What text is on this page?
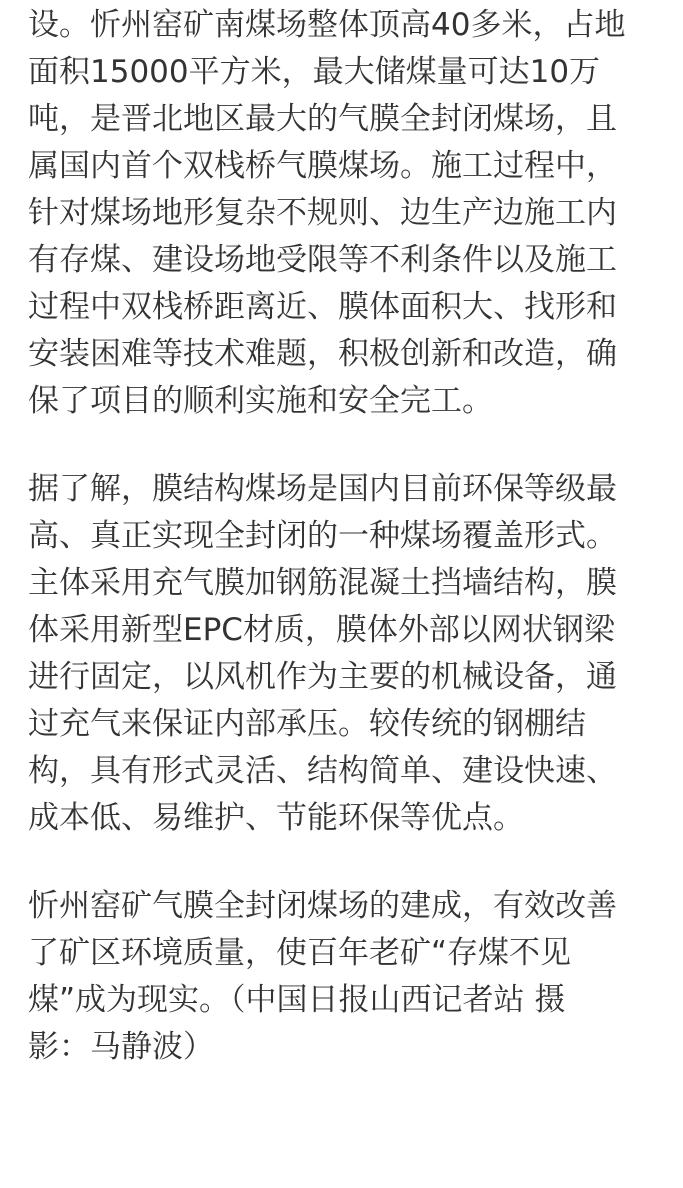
设。忻州窑矿南煤场整体顶高40多米，占地
面积15000平方米，最大储煤量可达10万
吨，是晋北地区最大的气膜全封闭煤场，且
属国内首个双栈桥气膜煤场。施工过程中，
针对煤场地形复杂不规则、边生产边施工内
有存煤、建设场地受限等不利条件以及施工
过程中双栈桥距离近、膜体面积大、找形和
安装困难等技术难题，积极创新和改造，确
保了项目的顺利实施和安全完工。
据了解，膜结构煤场是国内目前环保等级最
高、真正实现全封闭的一种煤场覆盖形式。
主体采用充气膜加钢筋混凝土挡墙结构，膜
体采用新型EPC材质，膜体外部以网状钢梁
进行固定，以风机作为主要的机械设备，通
过充气来保证内部承压。较传统的钢棚结
构，具有形式灵活、结构简单、建设快速、
成本低、易维护、节能环保等优点。
忻州窑矿气膜全封闭煤场的建成，有效改善
了矿区环境质量，使百年老矿“存煤不见
煤”成为现实。（中国日报山西记者站 摄
影：马静波）
